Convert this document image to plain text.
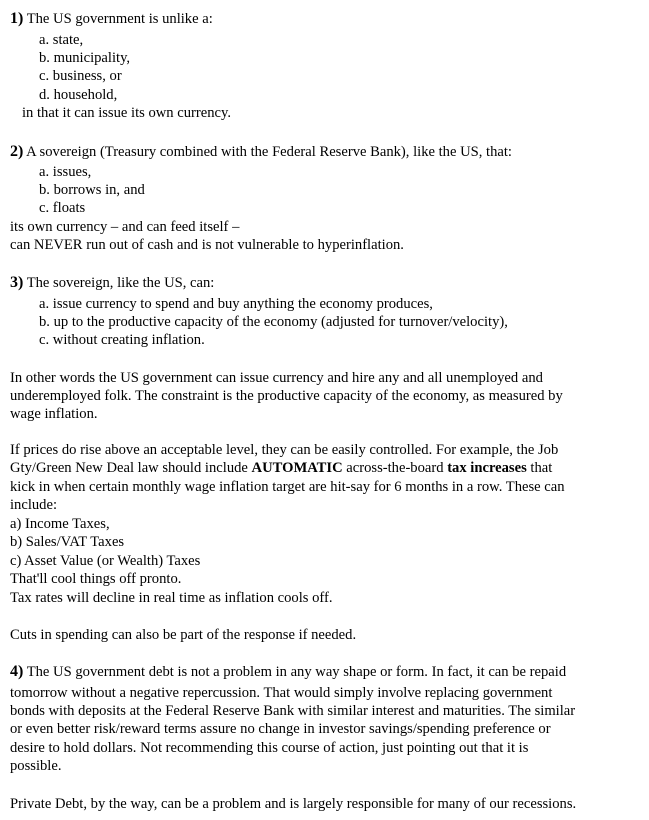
1) The US government is unlike a:
a. state,
b. municipality,
c. business, or
d. household,
in that it can issue its own currency.
2) A sovereign (Treasury combined with the Federal Reserve Bank), like the US, that:
a. issues,
b. borrows in, and
c. floats
its own currency – and can feed itself –
can NEVER run out of cash and is not vulnerable to hyperinflation.
3) The sovereign, like the US, can:
a. issue currency to spend and buy anything the economy produces,
b. up to the productive capacity of the economy (adjusted for turnover/velocity),
c. without creating inflation.
In other words the US government can issue currency and hire any and all unemployed and
underemployed folk. The constraint is the productive capacity of the economy, as measured by
wage inflation.
If prices do rise above an acceptable level, they can be easily controlled. For example, the Job
Gty/Green New Deal law should include AUTOMATIC across-the-board tax increases that
kick in when certain monthly wage inflation target are hit-say for 6 months in a row. These can
include:
a) Income Taxes,
b) Sales/VAT Taxes
c) Asset Value (or Wealth) Taxes
That'll cool things off pronto.
Tax rates will decline in real time as inflation cools off.
Cuts in spending can also be part of the response if needed.
4) The US government debt is not a problem in any way shape or form. In fact, it can be repaid
tomorrow without a negative repercussion. That would simply involve replacing government
bonds with deposits at the Federal Reserve Bank with similar interest and maturities. The similar
or even better risk/reward terms assure no change in investor savings/spending preference or
desire to hold dollars. Not recommending this course of action, just pointing out that it is
possible.
Private Debt, by the way, can be a problem and is largely responsible for many of our recessions.
